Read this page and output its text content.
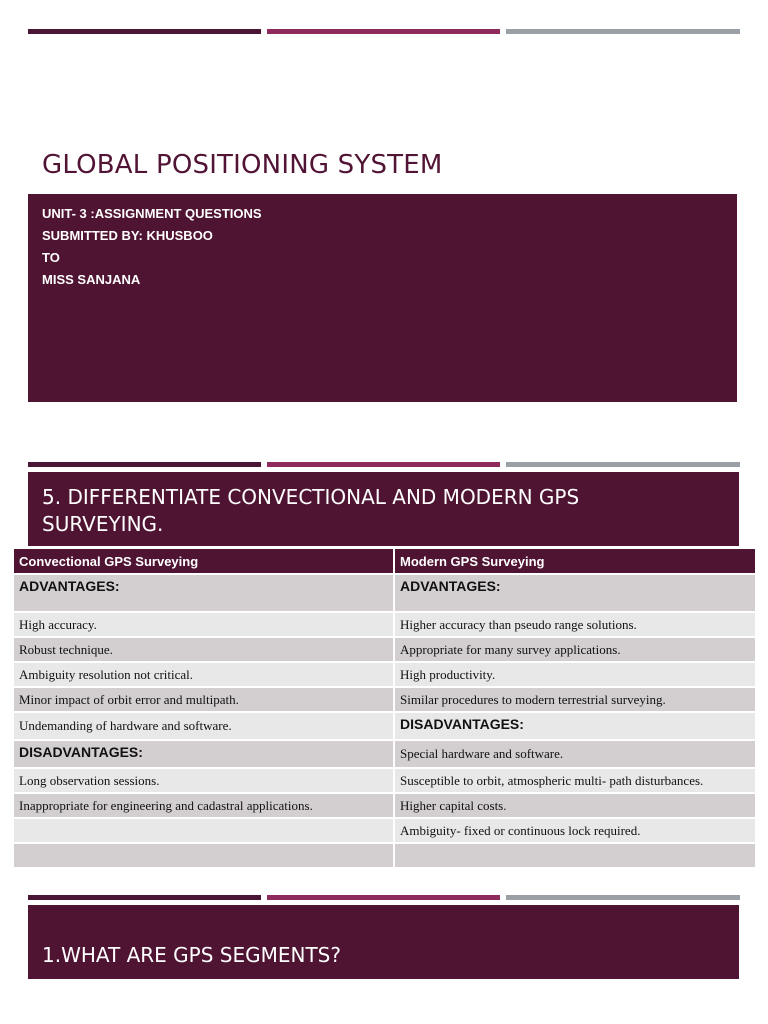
GLOBAL POSITIONING SYSTEM
UNIT- 3 :ASSIGNMENT QUESTIONS
SUBMITTED BY: KHUSBOO
TO
MISS SANJANA
5. DIFFERENTIATE CONVECTIONAL AND MODERN GPS SURVEYING.
Convectional GPS Surveying	Modern GPS Surveying
ADVANTAGES:	ADVANTAGES:
High accuracy.	Higher accuracy than pseudo range solutions.
Robust technique.	Appropriate for many survey applications.
Ambiguity resolution not critical.	High productivity.
Minor impact of orbit error and multipath.	Similar procedures to modern terrestrial surveying.
Undemanding of hardware and software.	DISADVANTAGES:
DISADVANTAGES:	Special hardware and software.
Long observation sessions.	Susceptible to orbit, atmospheric multi- path disturbances.
Inappropriate for engineering and cadastral applications.	Higher capital costs.
	Ambiguity- fixed or continuous lock required.

1.WHAT ARE GPS SEGMENTS?
